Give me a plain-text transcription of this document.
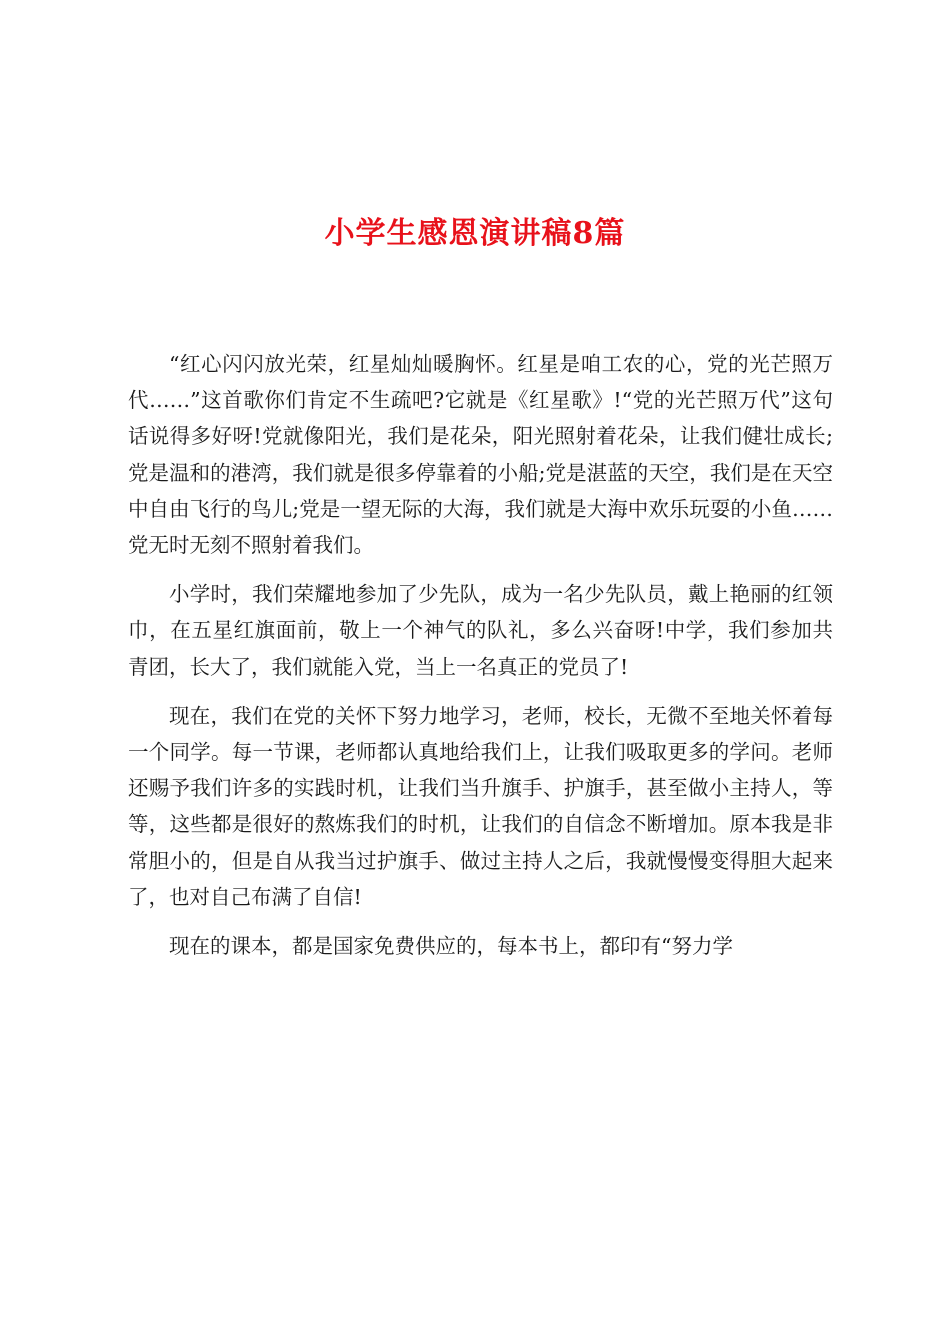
小学生感恩演讲稿8篇

“红心闪闪放光荣，红星灿灿暖胸怀。红星是咱工农的心，党的光芒照万代……”这首歌你们肯定不生疏吧?它就是《红星歌》!“党的光芒照万代”这句话说得多好呀!党就像阳光，我们是花朵，阳光照射着花朵，让我们健壮成长;党是温和的港湾，我们就是很多停靠着的小船;党是湛蓝的天空，我们是在天空中自由飞行的鸟儿;党是一望无际的大海，我们就是大海中欢乐玩耍的小鱼……党无时无刻不照射着我们。

小学时，我们荣耀地参加了少先队，成为一名少先队员，戴上艳丽的红领巾，在五星红旗面前，敬上一个神气的队礼，多么兴奋呀!中学，我们参加共青团，长大了，我们就能入党，当上一名真正的党员了!

现在，我们在党的关怀下努力地学习，老师，校长，无微不至地关怀着每一个同学。每一节课，老师都认真地给我们上，让我们吸取更多的学问。老师还赐予我们许多的实践时机，让我们当升旗手、护旗手，甚至做小主持人，等等，这些都是很好的熬炼我们的时机，让我们的自信念不断增加。原本我是非常胆小的，但是自从我当过护旗手、做过主持人之后，我就慢慢变得胆大起来了，也对自己布满了自信!

现在的课本，都是国家免费供应的，每本书上，都印有“努力学
